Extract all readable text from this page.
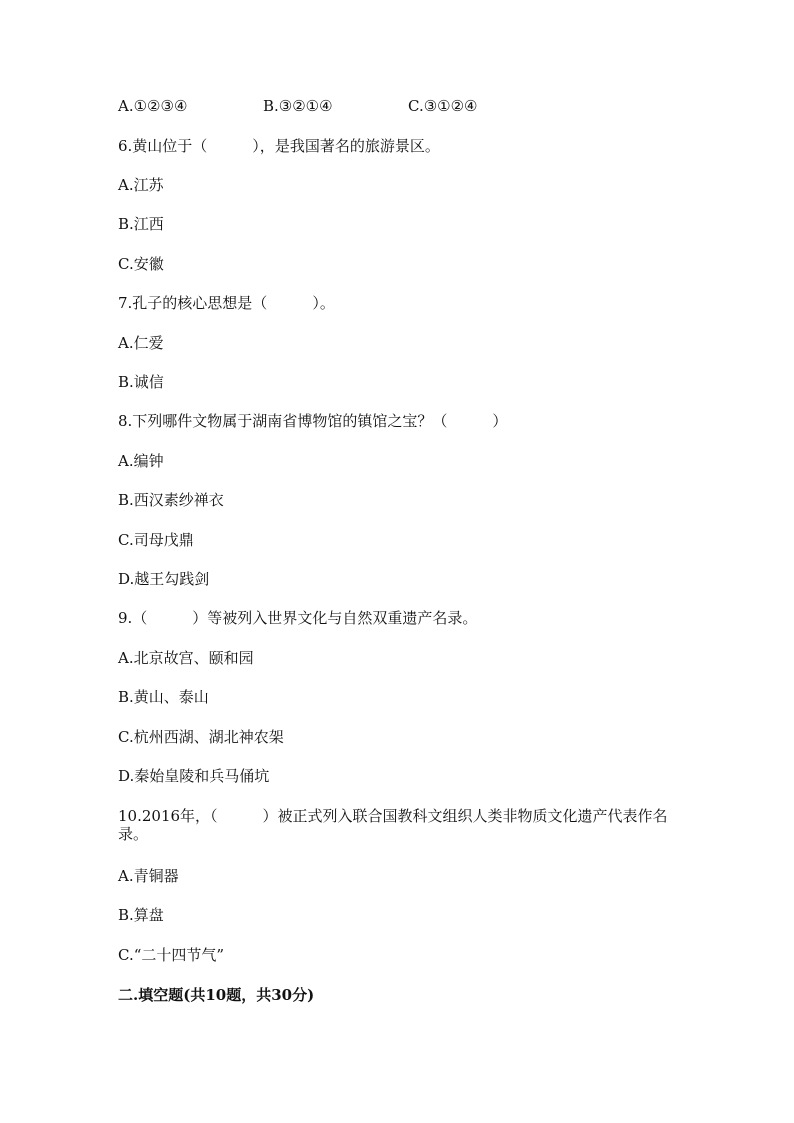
A.①②③④	B.③②①④	C.③①②④
6.黄山位于（　　　），是我国著名的旅游景区。
A.江苏
B.江西
C.安徽
7.孔子的核心思想是（　　　）。
A.仁爱
B.诚信
8.下列哪件文物属于湖南省博物馆的镇馆之宝？（　　　）
A.编钟
B.西汉素纱禅衣
C.司母戊鼎
D.越王勾践剑
9.（　　　）等被列入世界文化与自然双重遗产名录。
A.北京故宫、颐和园
B.黄山、泰山
C.杭州西湖、湖北神农架
D.秦始皇陵和兵马俑坑
10.2016年，（　　　）被正式列入联合国教科文组织人类非物质文化遗产代表作名录。
A.青铜器
B.算盘
C.“二十四节气”
二.填空题(共10题，共30分)
